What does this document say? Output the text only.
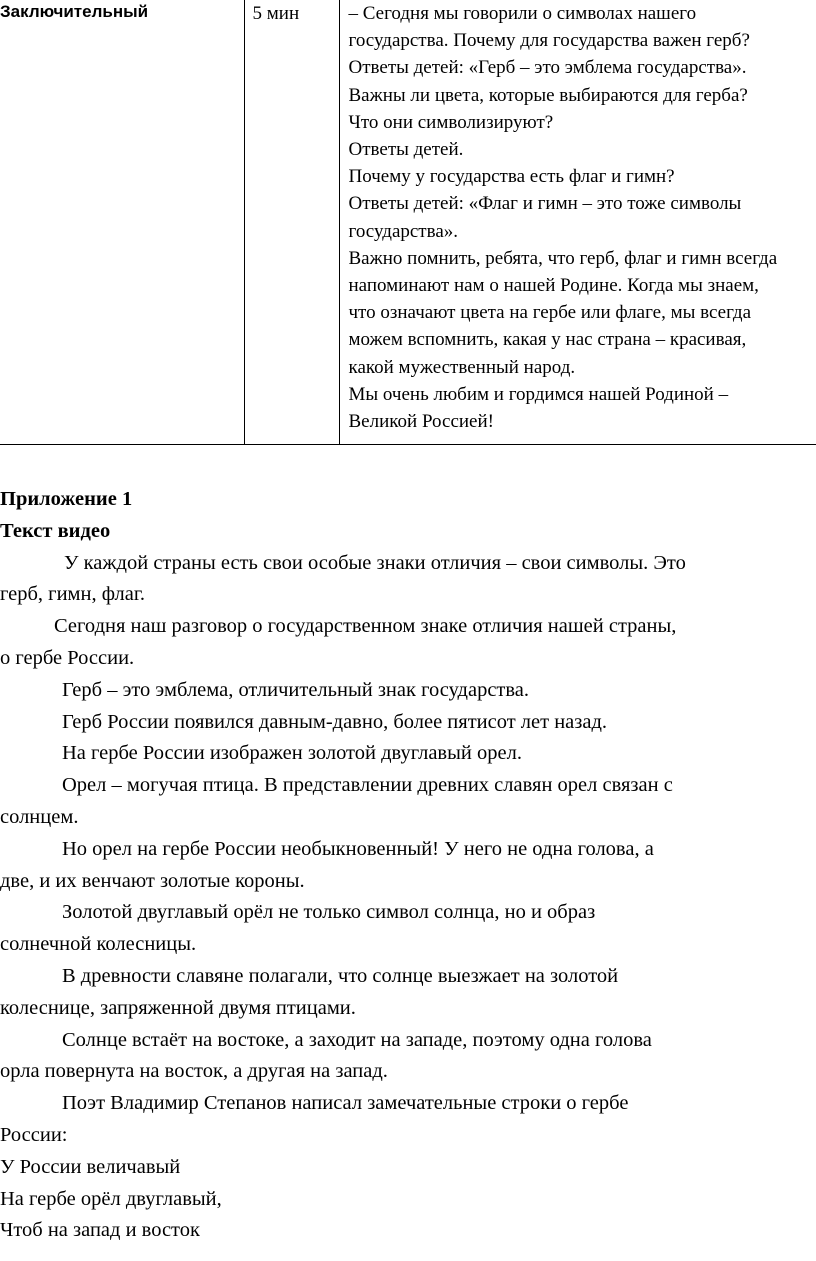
Заключительный	5 мин	– Сегодня мы говорили о символах нашего
государства. Почему для государства важен герб?
Ответы детей: «Герб – это эмблема государства».
Важны ли цвета, которые выбираются для герба?
Что они символизируют?
Ответы детей.
Почему у государства есть флаг и гимн?
Ответы детей: «Флаг и гимн – это тоже символы
государства».
Важно помнить, ребята, что герб, флаг и гимн всегда
напоминают нам о нашей Родине. Когда мы знаем,
что означают цвета на гербе или флаге, мы всегда
можем вспомнить, какая у нас страна – красивая,
какой мужественный народ.
Мы очень любим и гордимся нашей Родиной –
Великой Россией!
Приложение 1
Текст видео
У каждой страны есть свои особые знаки отличия – свои символы. Это
герб, гимн, флаг.
Сегодня наш разговор о государственном знаке отличия нашей страны,
о гербе России.
Герб – это эмблема, отличительный знак государства.
Герб России появился давным-давно, более пятисот лет назад.
На гербе России изображен золотой двуглавый орел.
Орел – могучая птица. В представлении древних славян орел связан с
солнцем.
Но орел на гербе России необыкновенный! У него не одна голова, а
две, и их венчают золотые короны.
Золотой двуглавый орёл не только символ солнца, но и образ
солнечной колесницы.
В древности славяне полагали, что солнце выезжает на золотой
колеснице, запряженной двумя птицами.
Солнце встаёт на востоке, а заходит на западе, поэтому одна голова
орла повернута на восток, а другая на запад.
Поэт Владимир Степанов написал замечательные строки о гербе
России:
У России величавый
На гербе орёл двуглавый,
Чтоб на запад и восток
